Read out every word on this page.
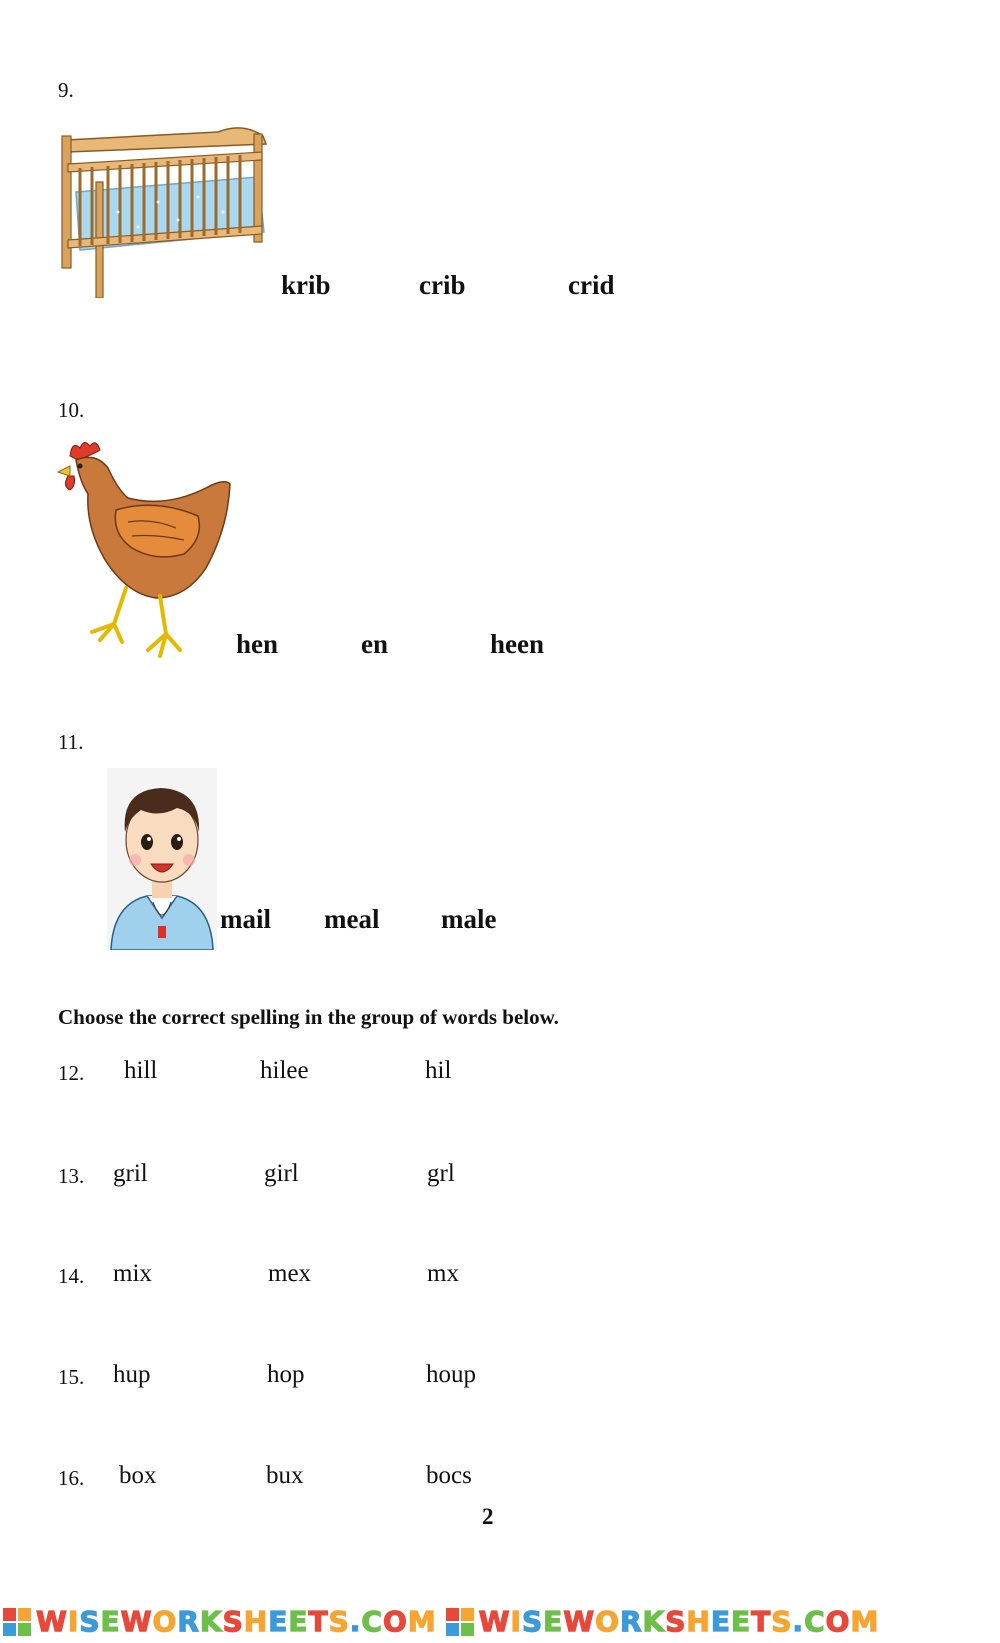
9.
krib	crib	crid
10.
hen	en	heen
11.
mail meal male
Choose the correct spelling in the group of words below.
12. hill	hilee	hil
13. gril	girl	grl
14. mix	mex	mx
15. hup	hop	houp
16. box	bux	bocs
2
W I S E W O R K S H E E T S . C O M W I S E W O R K S H E E T S . C O M
